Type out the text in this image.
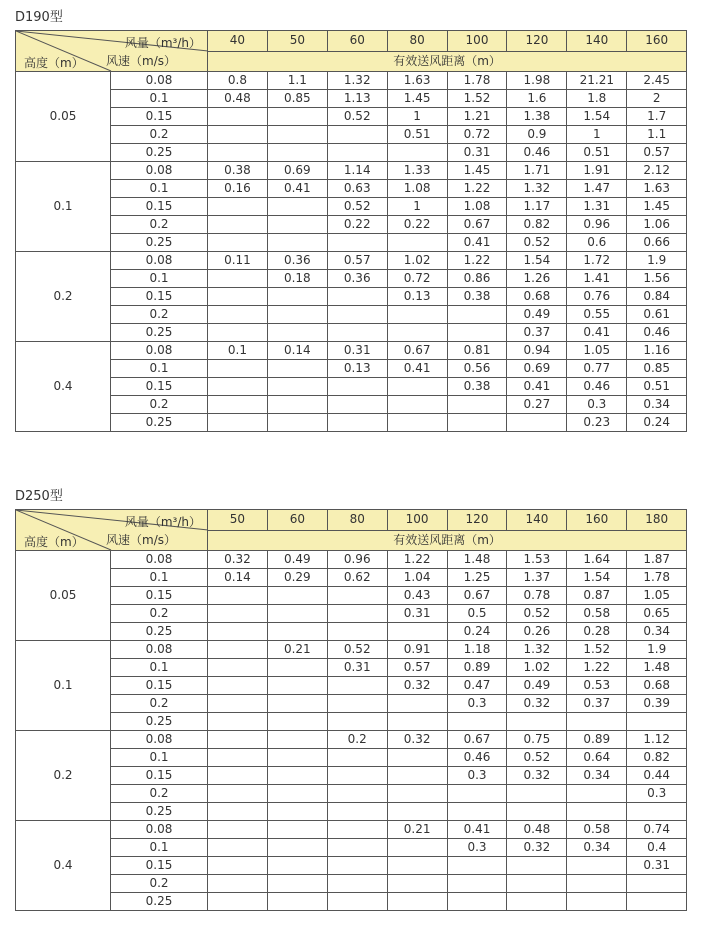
D190型
风量（m³/h）
风速（m/s）
高度（m）		40	50	60	80	100	120	140	160
		有效送风距离（m）							
0.05	0.08	0.8	1.1	1.32	1.63	1.78	1.98	21.21	2.45
	0.1	0.48	0.85	1.13	1.45	1.52	1.6	1.8	2
	0.15			0.52	1	1.21	1.38	1.54	1.7
	0.2				0.51	0.72	0.9	1	1.1
	0.25					0.31	0.46	0.51	0.57
0.1	0.08	0.38	0.69	1.14	1.33	1.45	1.71	1.91	2.12
	0.1	0.16	0.41	0.63	1.08	1.22	1.32	1.47	1.63
	0.15			0.52	1	1.08	1.17	1.31	1.45
	0.2			0.22	0.22	0.67	0.82	0.96	1.06
	0.25					0.41	0.52	0.6	0.66
0.2	0.08	0.11	0.36	0.57	1.02	1.22	1.54	1.72	1.9
	0.1		0.18	0.36	0.72	0.86	1.26	1.41	1.56
	0.15				0.13	0.38	0.68	0.76	0.84
	0.2						0.49	0.55	0.61
	0.25						0.37	0.41	0.46
0.4	0.08	0.1	0.14	0.31	0.67	0.81	0.94	1.05	1.16
	0.1			0.13	0.41	0.56	0.69	0.77	0.85
	0.15					0.38	0.41	0.46	0.51
	0.2						0.27	0.3	0.34
	0.25							0.23	0.24
D250型
风量（m³/h）
风速（m/s）
高度（m）		50	60	80	100	120	140	160	180
		有效送风距离（m）							
0.05	0.08	0.32	0.49	0.96	1.22	1.48	1.53	1.64	1.87
	0.1	0.14	0.29	0.62	1.04	1.25	1.37	1.54	1.78
	0.15				0.43	0.67	0.78	0.87	1.05
	0.2				0.31	0.5	0.52	0.58	0.65
	0.25					0.24	0.26	0.28	0.34
0.1	0.08		0.21	0.52	0.91	1.18	1.32	1.52	1.9
	0.1			0.31	0.57	0.89	1.02	1.22	1.48
	0.15				0.32	0.47	0.49	0.53	0.68
	0.2					0.3	0.32	0.37	0.39
	0.25								
0.2	0.08			0.2	0.32	0.67	0.75	0.89	1.12
	0.1					0.46	0.52	0.64	0.82
	0.15					0.3	0.32	0.34	0.44
	0.2								0.3
	0.25								
0.4	0.08				0.21	0.41	0.48	0.58	0.74
	0.1					0.3	0.32	0.34	0.4
	0.15								0.31
	0.2								
	0.25								
